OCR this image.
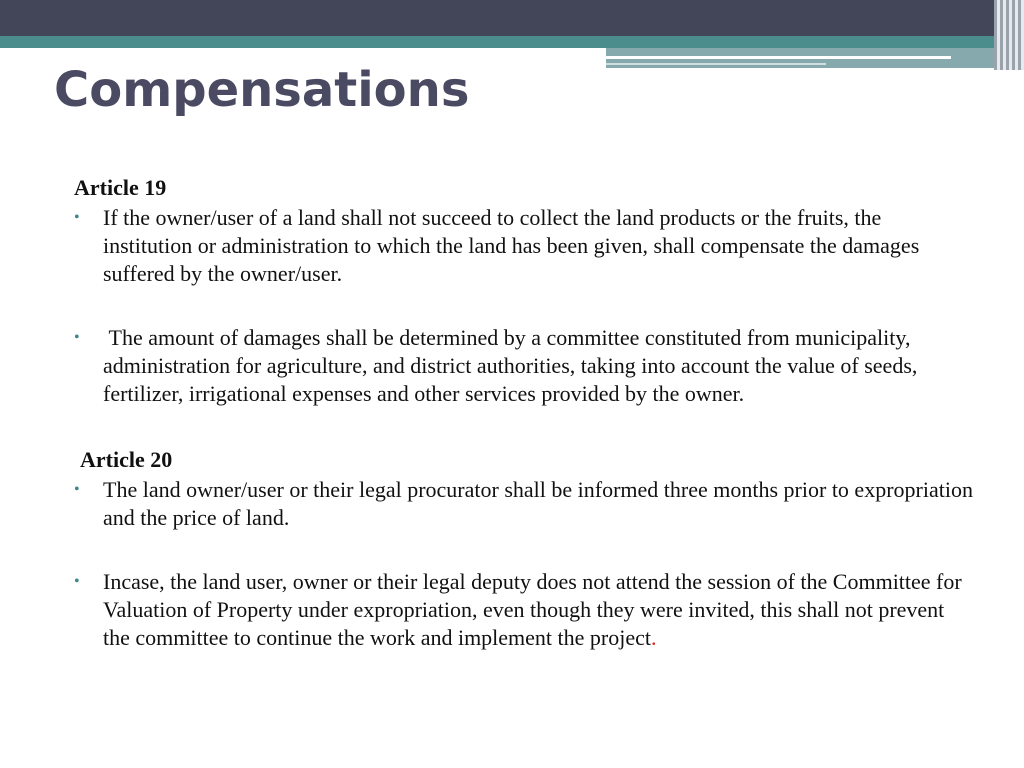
Compensations

Article 19

• If the owner/user of a land shall not succeed to collect the land products or the fruits, the institution or administration to which the land has been given, shall compensate the damages suffered by the owner/user.

• The amount of damages shall be determined by a committee constituted from municipality, administration for agriculture, and district authorities, taking into account the value of seeds, fertilizer, irrigational expenses and other services provided by the owner.

Article 20

• The land owner/user or their legal procurator shall be informed three months prior to expropriation and the price of land.

• Incase, the land user, owner or their legal deputy does not attend the session of the Committee for Valuation of Property under expropriation, even though they were invited, this shall not prevent the committee to continue the work and implement the project.
